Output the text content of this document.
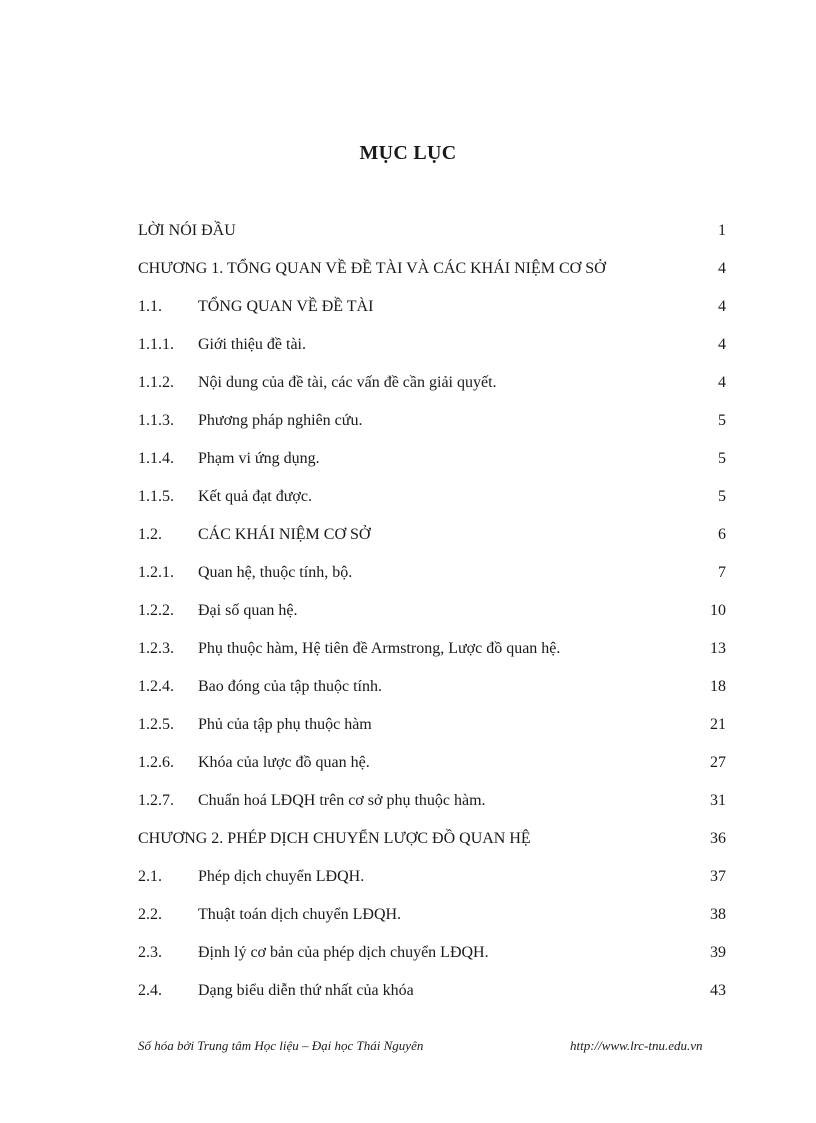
MỤC LỤC
LỜI NÓI ĐẦU	1
CHƯƠNG 1. TỔNG QUAN VỀ ĐỀ TÀI VÀ CÁC KHÁI NIỆM CƠ SỞ	4
1.1. TỔNG QUAN VỀ ĐỀ TÀI	4
1.1.1. Giới thiệu đề tài.	4
1.1.2. Nội dung của đề tài, các vấn đề cần giải quyết.	4
1.1.3. Phương pháp nghiên cứu.	5
1.1.4. Phạm vi ứng dụng.	5
1.1.5. Kết quả đạt được.	5
1.2. CÁC KHÁI NIỆM CƠ SỞ	6
1.2.1. Quan hệ, thuộc tính, bộ.	7
1.2.2. Đại số quan hệ.	10
1.2.3. Phụ thuộc hàm, Hệ tiên đề Armstrong, Lược đồ quan hệ.	13
1.2.4. Bao đóng của tập thuộc tính.	18
1.2.5. Phủ của tập phụ thuộc hàm	21
1.2.6. Khóa của lược đồ quan hệ.	27
1.2.7. Chuẩn hoá LĐQH trên cơ sở phụ thuộc hàm.	31
CHƯƠNG 2. PHÉP DỊCH CHUYỂN LƯỢC ĐỒ QUAN HỆ	36
2.1. Phép dịch chuyển LĐQH.	37
2.2. Thuật toán dịch chuyển LĐQH.	38
2.3. Định lý cơ bản của phép dịch chuyển LĐQH.	39
2.4. Dạng biểu diễn thứ nhất của khóa	43
Số hóa bởi Trung tâm Học liệu – Đại học Thái Nguyên	http://www.lrc-tnu.edu.vn
